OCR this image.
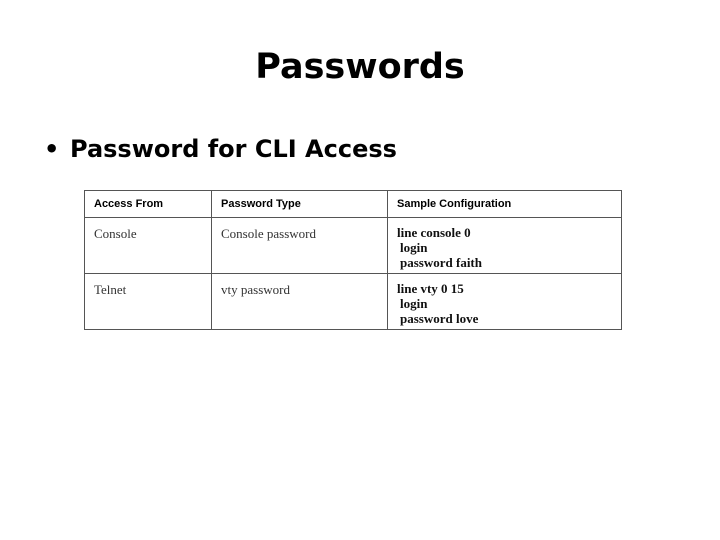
Passwords
• Password for CLI Access
Access From	Password Type	Sample Configuration
Console	Console password	line console 0
login
password faith

Telnet	vty password	line vty 0 15
login
password love
